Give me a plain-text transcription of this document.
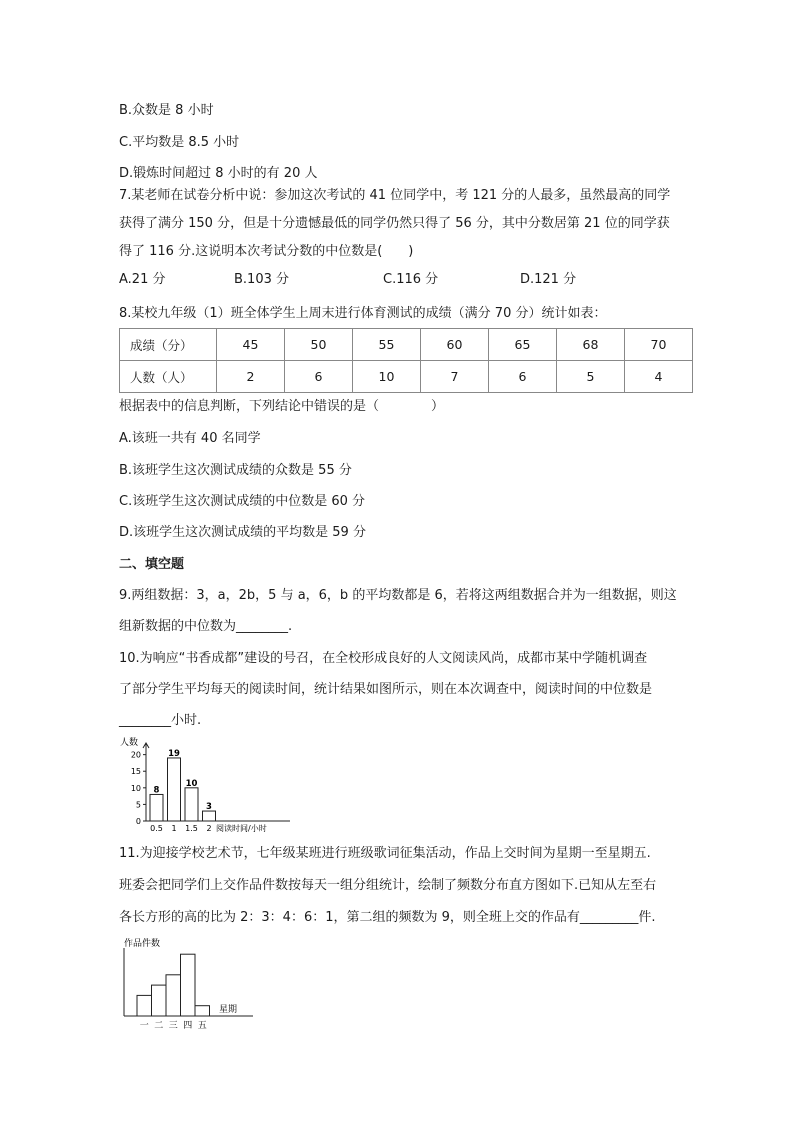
B.众数是 8 小时
C.平均数是 8.5 小时
D.锻炼时间超过 8 小时的有 20 人
7.某老师在试卷分析中说：参加这次考试的 41 位同学中，考 121 分的人最多，虽然最高的同学
获得了满分 150 分，但是十分遗憾最低的同学仍然只得了 56 分，其中分数居第 21 位的同学获
得了 116 分.这说明本次考试分数的中位数是(　　)
A.21 分	B.103 分	C.116 分	D.121 分
8.某校九年级（1）班全体学生上周末进行体育测试的成绩（满分 70 分）统计如表：
成绩（分）	45	50	55	60	65	68	70
人数（人）	2	6	10	7	6	5	4
根据表中的信息判断，下列结论中错误的是（　　　　）
A.该班一共有 40 名同学
B.该班学生这次测试成绩的众数是 55 分
C.该班学生这次测试成绩的中位数是 60 分
D.该班学生这次测试成绩的平均数是 59 分
二、填空题
9.两组数据：3，a，2b，5 与 a，6，b 的平均数都是 6，若将这两组数据合并为一组数据，则这
组新数据的中位数为________.
10.为响应“书香成都”建设的号召，在全校形成良好的人文阅读风尚，成都市某中学随机调查
了部分学生平均每天的阅读时间，统计结果如图所示，则在本次调查中，阅读时间的中位数是
________小时.
人数
0
5
10
15
20
8
0.5
19
1
10
1.5
3
2 阅读时间/小时
11.为迎接学校艺术节，七年级某班进行班级歌词征集活动，作品上交时间为星期一至星期五.
班委会把同学们上交作品件数按每天一组分组统计，绘制了频数分布直方图如下.已知从左至右
各长方形的高的比为 2：3：4：6：1，第二组的频数为 9，则全班上交的作品有_________件.
作品件数
一 二 三 四 五
星期
